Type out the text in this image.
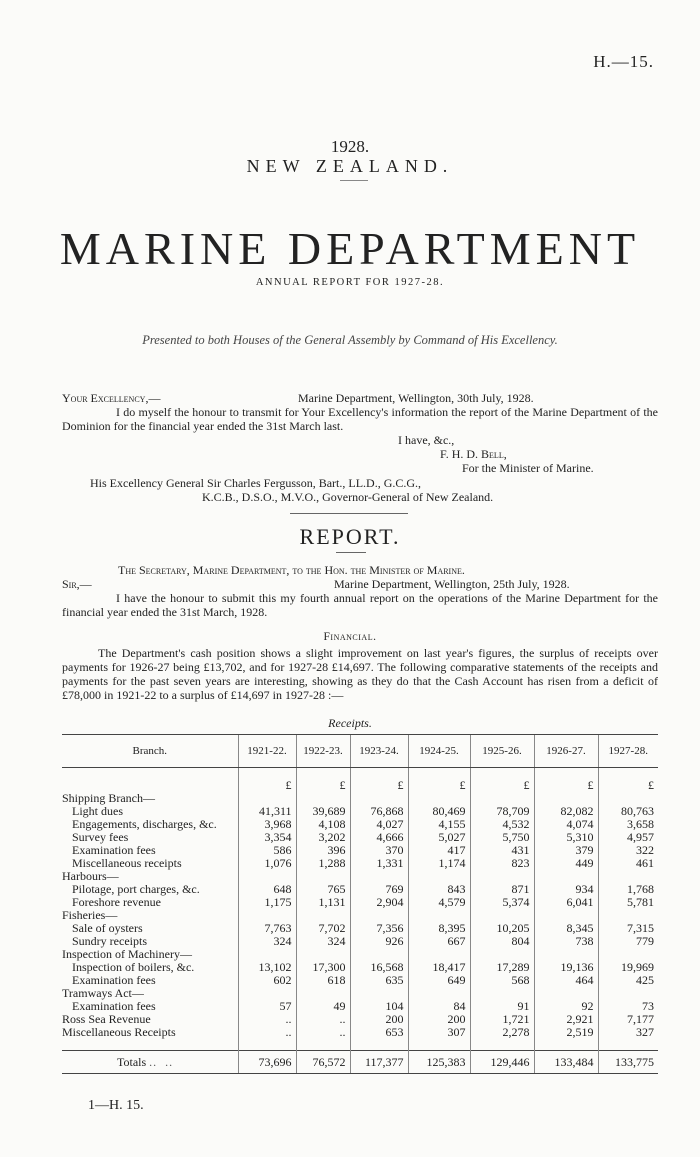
H.—15.
1928.
NEW ZEALAND.
MARINE DEPARTMENT
ANNUAL REPORT FOR 1927-28.
Presented to both Houses of the General Assembly by Command of His Excellency.
Your Excellency,—	Marine Department, Wellington, 30th July, 1928.
I do myself the honour to transmit for Your Excellency's information the report of the Marine Department of the Dominion for the financial year ended the 31st March last.
I have, &c.,
F. H. D. Bell,
For the Minister of Marine.
His Excellency General Sir Charles Fergusson, Bart., LL.D., G.C.G.,
K.C.B., D.S.O., M.V.O., Governor-General of New Zealand.
REPORT.
The Secretary, Marine Department, to the Hon. the Minister of Marine.
Sir,—	Marine Department, Wellington, 25th July, 1928.
I have the honour to submit this my fourth annual report on the operations of the Marine Department for the financial year ended the 31st March, 1928.
Financial.
The Department's cash position shows a slight improvement on last year's figures, the surplus of receipts over payments for 1926-27 being £13,702, and for 1927-28 £14,697. The following comparative statements of the receipts and payments for the past seven years are interesting, showing as they do that the Cash Account has risen from a deficit of £78,000 in 1921-22 to a surplus of £14,697 in 1927-28 :—
Receipts.
Branch.	1921-22.	1922-23.	1923-24.	1924-25.	1925-26.	1926-27.	1927-28.

	£	£	£	£	£	£	£
Shipping Branch—							
Light dues	41,311	39,689	76,868	80,469	78,709	82,082	80,763
Engagements, discharges, &c.	3,968	4,108	4,027	4,155	4,532	4,074	3,658
Survey fees	3,354	3,202	4,666	5,027	5,750	5,310	4,957
Examination fees	586	396	370	417	431	379	322
Miscellaneous receipts	1,076	1,288	1,331	1,174	823	449	461
Harbours—							
Pilotage, port charges, &c.	648	765	769	843	871	934	1,768
Foreshore revenue	1,175	1,131	2,904	4,579	5,374	6,041	5,781
Fisheries—							
Sale of oysters	7,763	7,702	7,356	8,395	10,205	8,345	7,315
Sundry receipts	324	324	926	667	804	738	779
Inspection of Machinery—							
Inspection of boilers, &c.	13,102	17,300	16,568	18,417	17,289	19,136	19,969
Examination fees	602	618	635	649	568	464	425
Tramways Act—							
Examination fees	57	49	104	84	91	92	73
Ross Sea Revenue	..	..	200	200	1,721	2,921	7,177
Miscellaneous Receipts	..	..	653	307	2,278	2,519	327

Totals ..  ..	73,696	76,572	117,377	125,383	129,446	133,484	133,775
1—H. 15.
